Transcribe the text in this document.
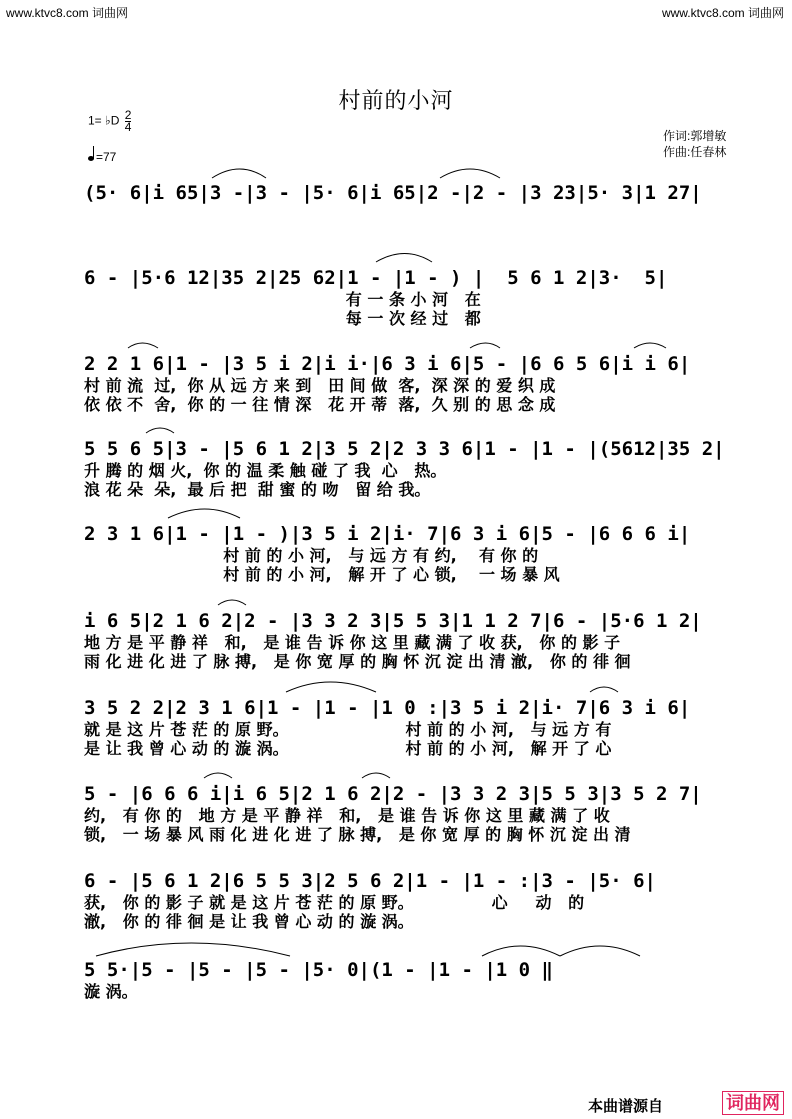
www.ktvc8.com 词曲网	www.ktvc8.com 词曲网
村前的小河
1= ♭D $\frac{2}{4}$
=77
作词:郭增敏
作曲:任春林
(5· 6|i 65|3 -|3 - |5· 6|i 65|2 -|2 - |3 23|5· 3|1 27|
6 - |5·6 12|35 2|25 62|1 - |1 - ) |  5 6 1 2|3·  5|
有 一 条 小 河   在
每 一 次 经 过   都
2 2 1 6|1 - |3 5 i 2|i i·|6 3 i 6|5 - |6 6 5 6|i i 6|
村 前 流  过,  你 从 远 方 来 到   田 间 做  客,  深 深 的 爱 织 成
依 依 不  舍,  你 的 一 往 情 深   花 开 蒂  落,  久 别 的 思 念 成
5 5 6 5|3 - |5 6 1 2|3 5 2|2 3 3 6|1 - |1 - |(5612|35 2|
升 腾 的 烟 火,  你 的 温 柔 触 碰 了 我  心   热。
浪 花 朵  朵,  最 后 把  甜 蜜 的 吻   留 给 我。
2 3 1 6|1 - |1 - )|3 5 i 2|i· 7|6 3 i 6|5 - |6 6 6 i|
村 前 的 小 河,   与 远 方 有 约,    有 你 的
村 前 的 小 河,   解 开 了 心 锁,    一 场 暴 风
i 6 5|2 1 6 2|2 - |3 3 2 3|5 5 3|1 1 2 7|6 - |5·6 1 2|
地 方 是 平 静 祥   和,   是 谁 告 诉 你 这 里 藏 满 了 收 获,   你 的 影 子
雨 化 进 化 进 了 脉 搏,   是 你 宽 厚 的 胸 怀 沉 淀 出 清 澈,   你 的 徘 徊
3 5 2 2|2 3 1 6|1 - |1 - |1 0 :|3 5 i 2|i· 7|6 3 i 6|
就 是 这 片 苍 茫 的 原 野。                     村 前 的 小 河,   与 远 方 有
是 让 我 曾 心 动 的 漩 涡。                     村 前 的 小 河,   解 开 了 心
5 - |6 6 6 i|i 6 5|2 1 6 2|2 - |3 3 2 3|5 5 3|3 5 2 7|
约,   有 你 的   地 方 是 平 静 祥   和,   是 谁 告 诉 你 这 里 藏 满 了 收
锁,   一 场 暴 风 雨 化 进 化 进 了 脉 搏,   是 你 宽 厚 的 胸 怀 沉 淀 出 清
6 - |5 6 1 2|6 5 5 3|2 5 6 2|1 - |1 - :|3 - |5· 6|
获,   你 的 影 子 就 是 这 片 苍 茫 的 原 野。              心     动   的
澈,   你 的 徘 徊 是 让 我 曾 心 动 的 漩 涡。
5 5·|5 - |5 - |5 - |5· 0|(1 - |1 - |1 0 ‖
漩 涡。
本曲谱源自	词曲网
